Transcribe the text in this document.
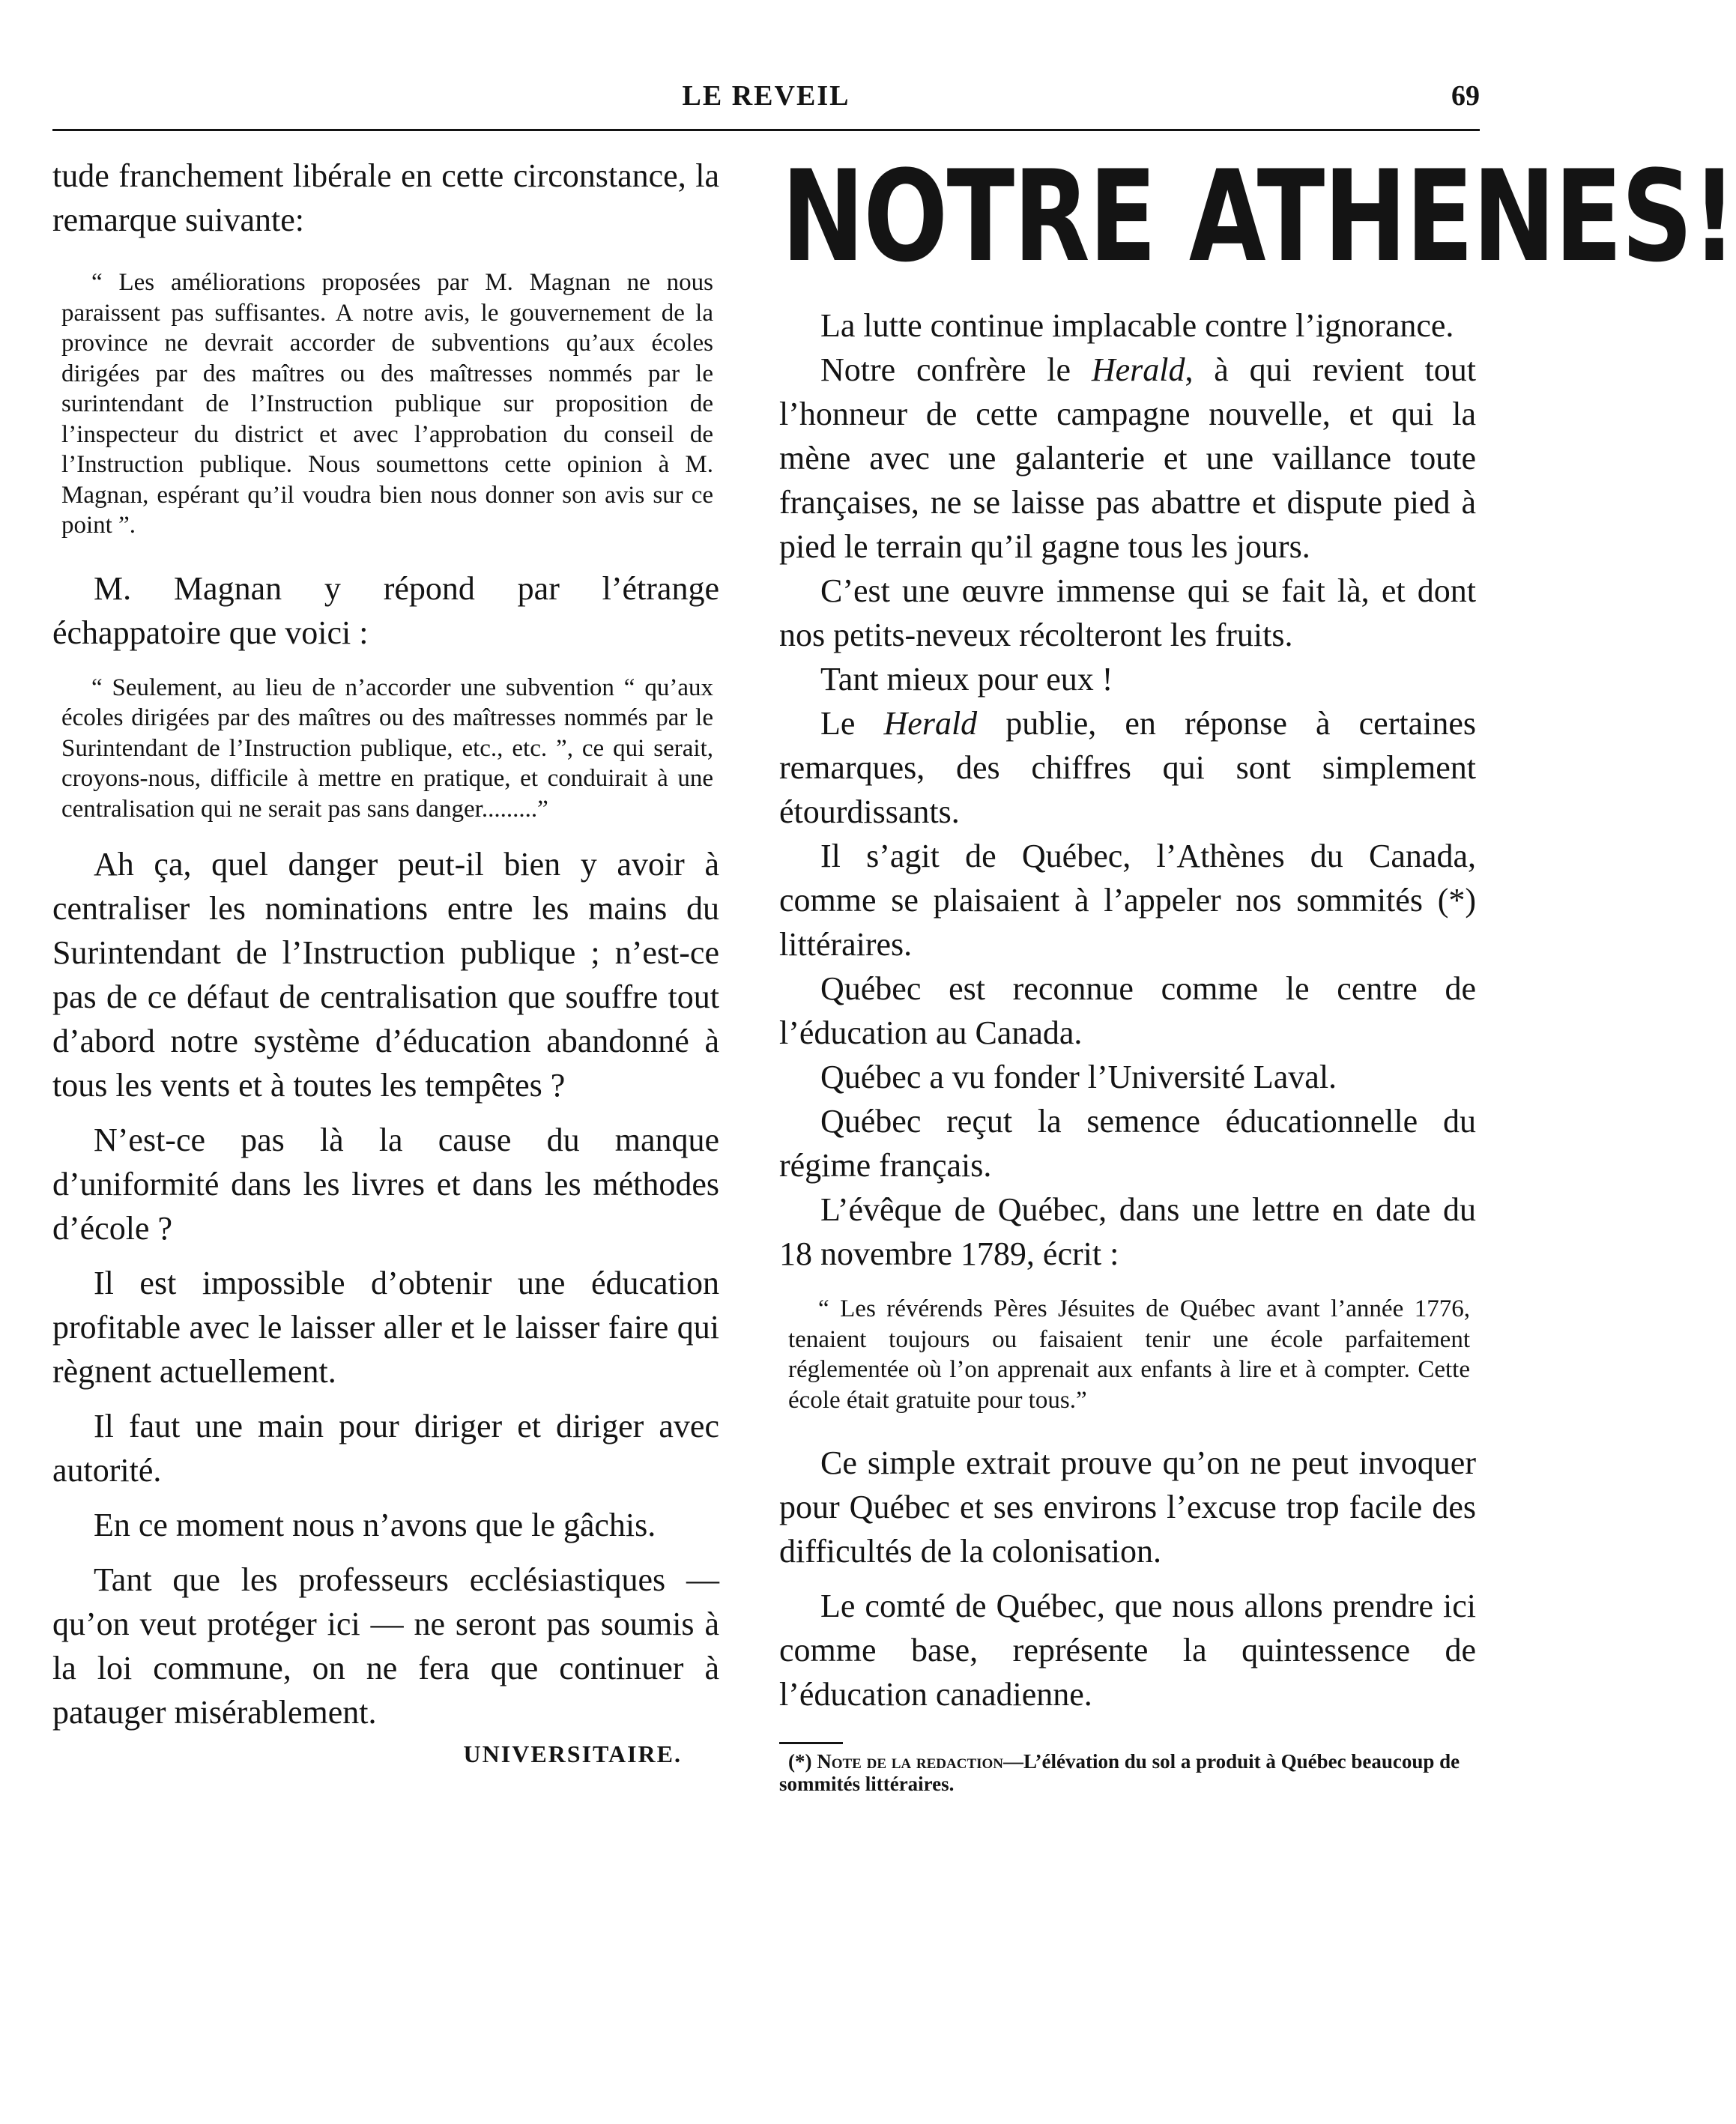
LE REVEIL	69

tude franchement libérale en cette circonstance, la remarque suivante:

“ Les améliorations proposées par M. Magnan ne nous paraissent pas suffisantes. A notre avis, le gouvernement de la province ne devrait accorder de subventions qu’aux écoles dirigées par des maîtres ou des maîtresses nommés par le surintendant de l’Instruction publique sur proposition de l’inspecteur du district et avec l’approbation du conseil de l’Instruction publique. Nous soumettons cette opinion à M. Magnan, espérant qu’il voudra bien nous donner son avis sur ce point ”.

M. Magnan y répond par l’étrange échappatoire que voici :

“ Seulement, au lieu de n’accorder une subvention “ qu’aux écoles dirigées par des maîtres ou des maîtresses nommés par le Surintendant de l’Instruction publique, etc., etc. ”, ce qui serait, croyons-nous, difficile à mettre en pratique, et conduirait à une centralisation qui ne serait pas sans danger.........”

Ah ça, quel danger peut-il bien y avoir à centraliser les nominations entre les mains du Surintendant de l’Instruction publique ; n’est-ce pas de ce défaut de centralisation que souffre tout d’abord notre système d’éducation abandonné à tous les vents et à toutes les tempêtes ?

N’est-ce pas là la cause du manque d’uniformité dans les livres et dans les méthodes d’école ?

Il est impossible d’obtenir une éducation profitable avec le laisser aller et le laisser faire qui règnent actuellement.

Il faut une main pour diriger et diriger avec autorité.

En ce moment nous n’avons que le gâchis.

Tant que les professeurs ecclésiastiques — qu’on veut protéger ici — ne seront pas soumis à la loi commune, on ne fera que continuer à patauger misérablement.

UNIVERSITAIRE.

NOTRE ATHENES!

La lutte continue implacable contre l’ignorance.

Notre confrère le Herald, à qui revient tout l’honneur de cette campagne nouvelle, et qui la mène avec une galanterie et une vaillance toute françaises, ne se laisse pas abattre et dispute pied à pied le terrain qu’il gagne tous les jours.

C’est une œuvre immense qui se fait là, et dont nos petits-neveux récolteront les fruits.

Tant mieux pour eux !

Le Herald publie, en réponse à certaines remarques, des chiffres qui sont simplement étourdissants.

Il s’agit de Québec, l’Athènes du Canada, comme se plaisaient à l’appeler nos sommités (*) littéraires.

Québec est reconnue comme le centre de l’éducation au Canada.

Québec a vu fonder l’Université Laval.

Québec reçut la semence éducationnelle du régime français.

L’évêque de Québec, dans une lettre en date du 18 novembre 1789, écrit :

“ Les révérends Pères Jésuites de Québec avant l’année 1776, tenaient toujours ou faisaient tenir une école parfaitement réglementée où l’on apprenait aux enfants à lire et à compter. Cette école était gratuite pour tous.”

Ce simple extrait prouve qu’on ne peut invoquer pour Québec et ses environs l’excuse trop facile des difficultés de la colonisation.

Le comté de Québec, que nous allons prendre ici comme base, représente la quintessence de l’éducation canadienne.

(*) Note de la redaction—L’élévation du sol a produit à Québec beaucoup de sommités littéraires.
